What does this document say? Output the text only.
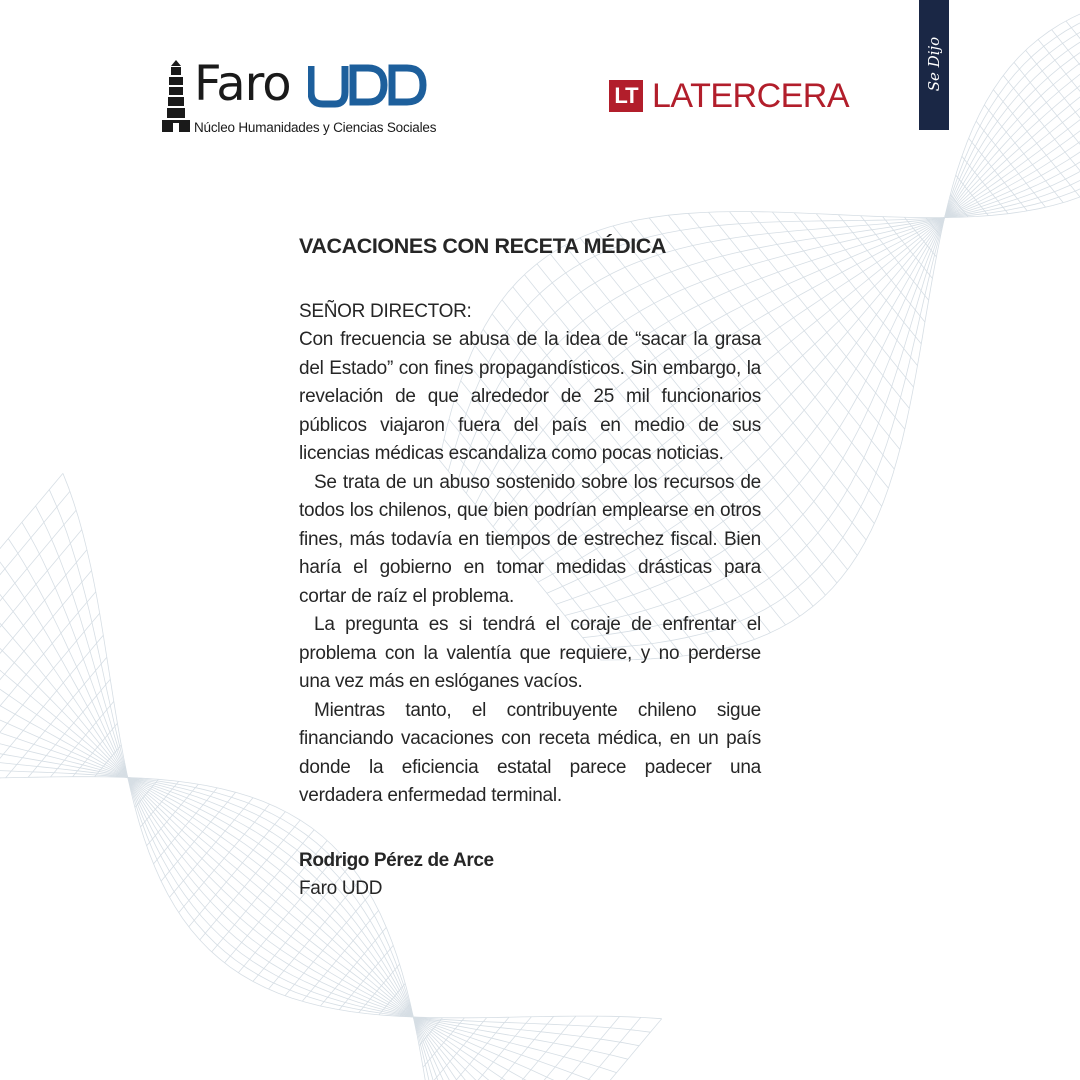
Faro	UDD
Núcleo Humanidades y Ciencias Sociales
LT LATERCERA
Se Dijo
VACACIONES CON RECETA MÉDICA

SEÑOR DIRECTOR:

Con frecuencia se abusa de la idea de “sacar la grasa del Estado” con fines propagandísticos. Sin embargo, la revelación de que alrededor de 25 mil funcionarios públicos viajaron fuera del país en medio de sus licencias médicas escandaliza como pocas noticias.

Se trata de un abuso sostenido sobre los recursos de todos los chilenos, que bien podrían emplearse en otros fines, más todavía en tiempos de estrechez fiscal. Bien haría el gobierno en tomar medidas drásticas para cortar de raíz el problema.

La pregunta es si tendrá el coraje de enfrentar el problema con la valentía que requiere, y no perderse una vez más en eslóganes vacíos.

Mientras tanto, el contribuyente chileno sigue financiando vacaciones con receta médica, en un país donde la eficiencia estatal parece padecer una verdadera enfermedad terminal.

Rodrigo Pérez de Arce
Faro UDD
